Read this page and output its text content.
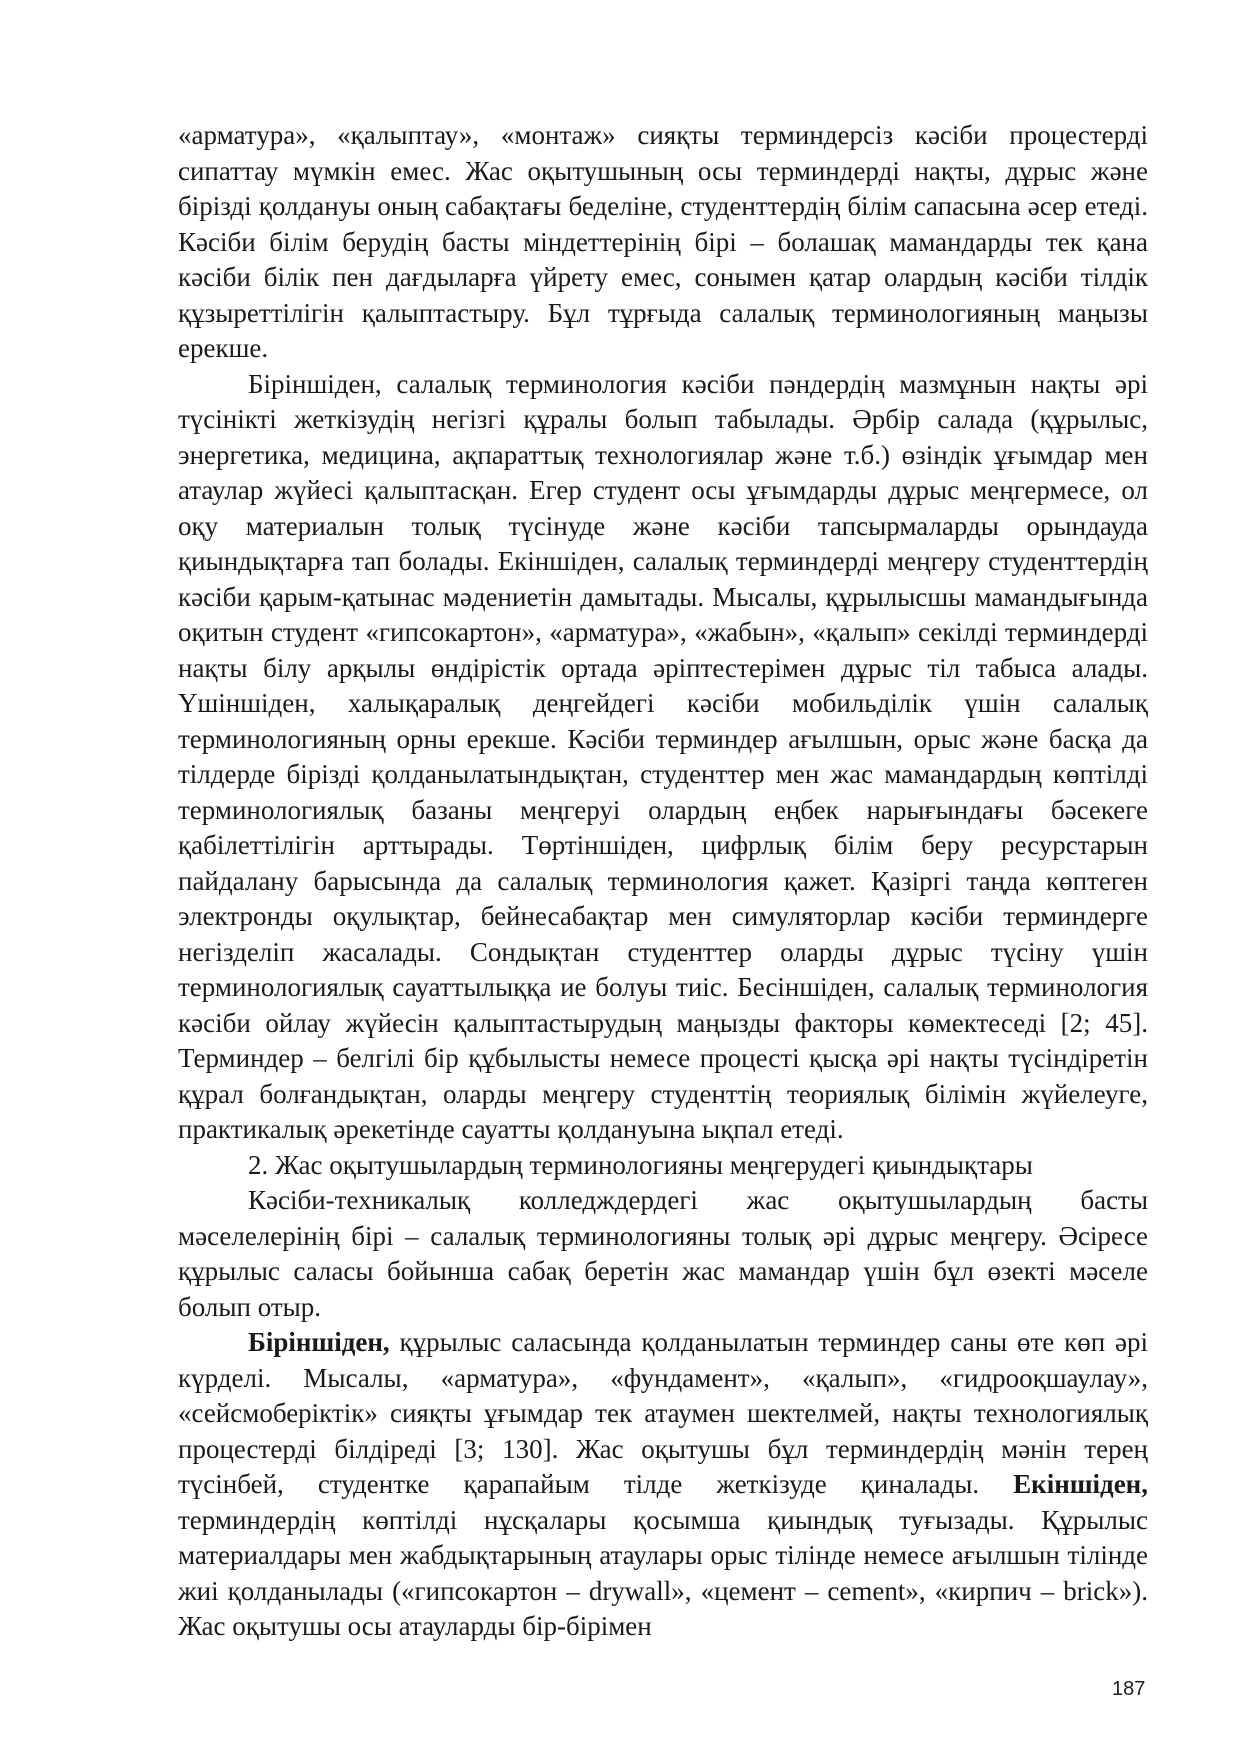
«арматура», «қалыптау», «монтаж» сияқты терминдерсіз кәсіби процестерді сипаттау мүмкін емес. Жас оқытушының осы терминдерді нақты, дұрыс және бірізді қолдануы оның сабақтағы беделіне, студенттердің білім сапасына әсер етеді. Кәсіби білім берудің басты міндеттерінің бірі – болашақ мамандарды тек қана кәсіби білік пен дағдыларға үйрету емес, сонымен қатар олардың кәсіби тілдік құзыреттілігін қалыптастыру. Бұл тұрғыда салалық терминологияның маңызы ерекше.

Біріншіден, салалық терминология кәсіби пәндердің мазмұнын нақты әрі түсінікті жеткізудің негізгі құралы болып табылады. Әрбір салада (құрылыс, энергетика, медицина, ақпараттық технологиялар және т.б.) өзіндік ұғымдар мен атаулар жүйесі қалыптасқан. Егер студент осы ұғымдарды дұрыс меңгермесе, ол оқу материалын толық түсінуде және кәсіби тапсырмаларды орындауда қиындықтарға тап болады. Екіншіден, салалық терминдерді меңгеру студенттердің кәсіби қарым-қатынас мәдениетін дамытады. Мысалы, құрылысшы мамандығында оқитын студент «гипсокартон», «арматура», «жабын», «қалып» секілді терминдерді нақты білу арқылы өндірістік ортада әріптестерімен дұрыс тіл табыса алады. Үшіншіден, халықаралық деңгейдегі кәсіби мобильділік үшін салалық терминологияның орны ерекше. Кәсіби терминдер ағылшын, орыс және басқа да тілдерде бірізді қолданылатындықтан, студенттер мен жас мамандардың көптілді терминологиялық базаны меңгеруі олардың еңбек нарығындағы бәсекеге қабілеттілігін арттырады. Төртіншіден, цифрлық білім беру ресурстарын пайдалану барысында да салалық терминология қажет. Қазіргі таңда көптеген электронды оқулықтар, бейнесабақтар мен симуляторлар кәсіби терминдерге негізделіп жасалады. Сондықтан студенттер оларды дұрыс түсіну үшін терминологиялық сауаттылыққа ие болуы тиіс. Бесіншіден, салалық терминология кәсіби ойлау жүйесін қалыптастырудың маңызды факторы көмектеседі [2; 45]. Терминдер – белгілі бір құбылысты немесе процесті қысқа әрі нақты түсіндіретін құрал болғандықтан, оларды меңгеру студенттің теориялық білімін жүйелеуге, практикалық әрекетінде сауатты қолдануына ықпал етеді.

2. Жас оқытушылардың терминологияны меңгерудегі қиындықтары

Кәсіби-техникалық колледждердегі жас оқытушылардың басты мәселелерінің бірі – салалық терминологияны толық әрі дұрыс меңгеру. Әсіресе құрылыс саласы бойынша сабақ беретін жас мамандар үшін бұл өзекті мәселе болып отыр.

Біріншіден, құрылыс саласында қолданылатын терминдер саны өте көп әрі күрделі. Мысалы, «арматура», «фундамент», «қалып», «гидрооқшаулау», «сейсмоберіктік» сияқты ұғымдар тек атаумен шектелмей, нақты технологиялық процестерді білдіреді [3; 130]. Жас оқытушы бұл терминдердің мәнін терең түсінбей, студентке қарапайым тілде жеткізуде қиналады. Екіншіден, терминдердің көптілді нұсқалары қосымша қиындық туғызады. Құрылыс материалдары мен жабдықтарының атаулары орыс тілінде немесе ағылшын тілінде жиі қолданылады («гипсокартон – drywall», «цемент – cement», «кирпич – brick»). Жас оқытушы осы атауларды бір-бірімен

187
